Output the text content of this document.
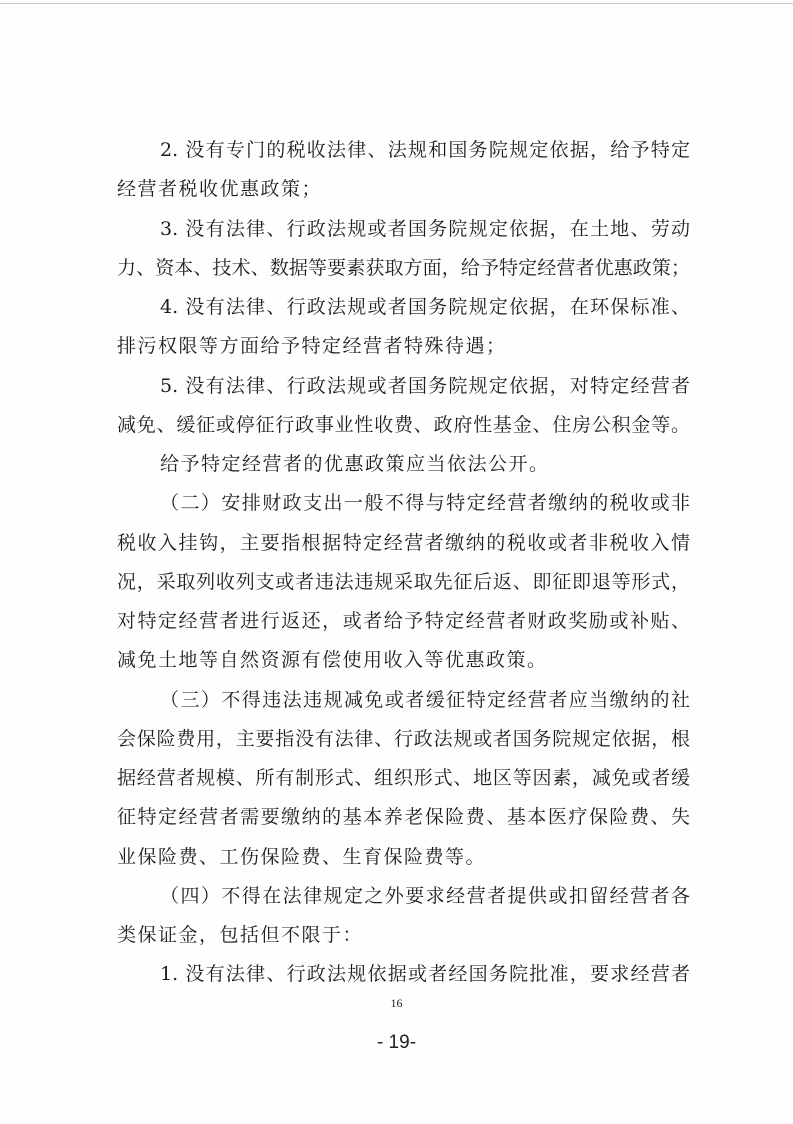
2. 没有专门的税收法律、法规和国务院规定依据，给予特定
经营者税收优惠政策；
3. 没有法律、行政法规或者国务院规定依据，在土地、劳动
力、资本、技术、数据等要素获取方面，给予特定经营者优惠政策；
4. 没有法律、行政法规或者国务院规定依据，在环保标准、
排污权限等方面给予特定经营者特殊待遇；
5. 没有法律、行政法规或者国务院规定依据，对特定经营者
减免、缓征或停征行政事业性收费、政府性基金、住房公积金等。
给予特定经营者的优惠政策应当依法公开。
（二）安排财政支出一般不得与特定经营者缴纳的税收或非
税收入挂钩，主要指根据特定经营者缴纳的税收或者非税收入情
况，采取列收列支或者违法违规采取先征后返、即征即退等形式，
对特定经营者进行返还，或者给予特定经营者财政奖励或补贴、
减免土地等自然资源有偿使用收入等优惠政策。
（三）不得违法违规减免或者缓征特定经营者应当缴纳的社
会保险费用，主要指没有法律、行政法规或者国务院规定依据，根
据经营者规模、所有制形式、组织形式、地区等因素，减免或者缓
征特定经营者需要缴纳的基本养老保险费、基本医疗保险费、失
业保险费、工伤保险费、生育保险费等。
（四）不得在法律规定之外要求经营者提供或扣留经营者各
类保证金，包括但不限于：
1. 没有法律、行政法规依据或者经国务院批准，要求经营者
16
- 19-
